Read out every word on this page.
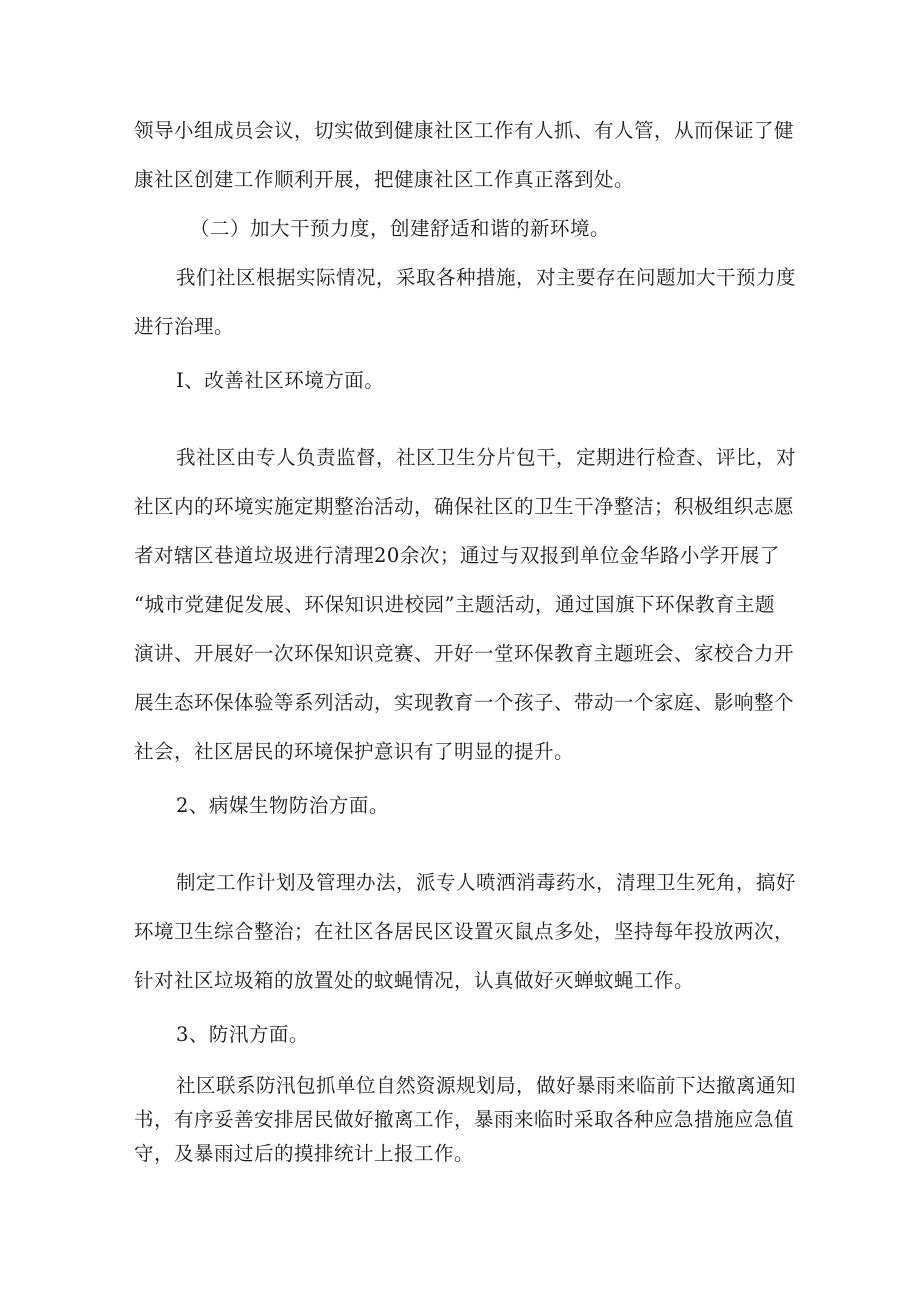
领导小组成员会议，切实做到健康社区工作有人抓、有人管，从而保证了健
康社区创建工作顺利开展，把健康社区工作真正落到处。
（二）加大干预力度，创建舒适和谐的新环境。
我们社区根据实际情况，采取各种措施，对主要存在问题加大干预力度
进行治理。
I、改善社区环境方面。
我社区由专人负责监督，社区卫生分片包干，定期进行检查、评比，对
社区内的环境实施定期整治活动，确保社区的卫生干净整洁；积极组织志愿
者对辖区巷道垃圾进行清理20余次；通过与双报到单位金华路小学开展了
“城市党建促发展、环保知识进校园”主题活动，通过国旗下环保教育主题
演讲、开展好一次环保知识竞赛、开好一堂环保教育主题班会、家校合力开
展生态环保体验等系列活动，实现教育一个孩子、带动一个家庭、影响整个
社会，社区居民的环境保护意识有了明显的提升。
2、病媒生物防治方面。
制定工作计划及管理办法，派专人喷洒消毒药水，清理卫生死角，搞好
环境卫生综合整治；在社区各居民区设置灭鼠点多处，坚持每年投放两次，
针对社区垃圾箱的放置处的蚊蝇情况，认真做好灭蝉蚊蝇工作。
3、防汛方面。
社区联系防汛包抓单位自然资源规划局，做好暴雨来临前下达撤离通知
书，有序妥善安排居民做好撤离工作，暴雨来临时采取各种应急措施应急值
守，及暴雨过后的摸排统计上报工作。
